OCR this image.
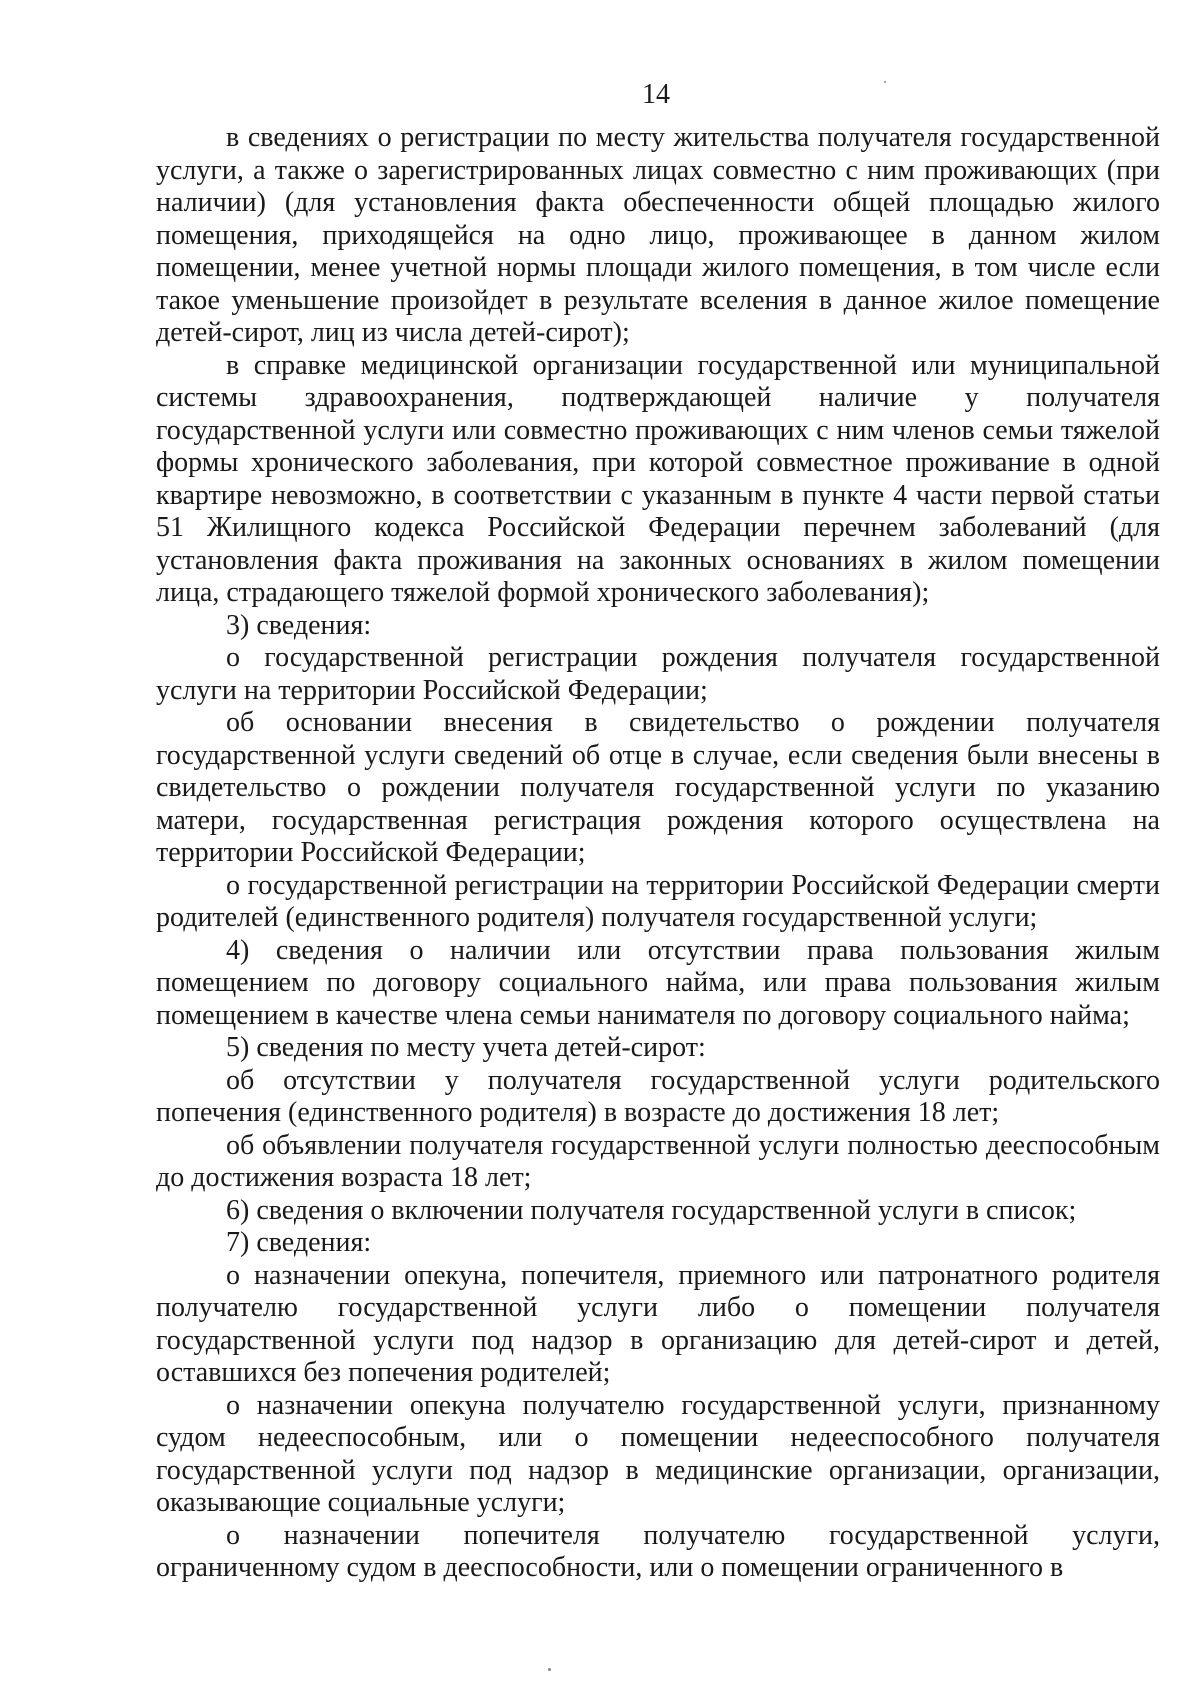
14

в сведениях о регистрации по месту жительства получателя государственной услуги, а также о зарегистрированных лицах совместно с ним проживающих (при наличии) (для установления факта обеспеченности общей площадью жилого помещения, приходящейся на одно лицо, проживающее в данном жилом помещении, менее учетной нормы площади жилого помещения, в том числе если такое уменьшение произойдет в результате вселения в данное жилое помещение детей-сирот, лиц из числа детей-сирот);

в справке медицинской организации государственной или муниципальной системы здравоохранения, подтверждающей наличие у получателя государственной услуги или совместно проживающих с ним членов семьи тяжелой формы хронического заболевания, при которой совместное проживание в одной квартире невозможно, в соответствии с указанным в пункте 4 части первой статьи 51 Жилищного кодекса Российской Федерации перечнем заболеваний (для установления факта проживания на законных основаниях в жилом помещении лица, страдающего тяжелой формой хронического заболевания);

3) сведения:

о государственной регистрации рождения получателя государственной услуги на территории Российской Федерации;

об основании внесения в свидетельство о рождении получателя государственной услуги сведений об отце в случае, если сведения были внесены в свидетельство о рождении получателя государственной услуги по указанию матери, государственная регистрация рождения которого осуществлена на территории Российской Федерации;

о государственной регистрации на территории Российской Федерации смерти родителей (единственного родителя) получателя государственной услуги;

4) сведения о наличии или отсутствии права пользования жилым помещением по договору социального найма, или права пользования жилым помещением в качестве члена семьи нанимателя по договору социального найма;

5) сведения по месту учета детей-сирот:

об отсутствии у получателя государственной услуги родительского попечения (единственного родителя) в возрасте до достижения 18 лет;

об объявлении получателя государственной услуги полностью дееспособным до достижения возраста 18 лет;

6) сведения о включении получателя государственной услуги в список;

7) сведения:

о назначении опекуна, попечителя, приемного или патронатного родителя получателю государственной услуги либо о помещении получателя государственной услуги под надзор в организацию для детей-сирот и детей, оставшихся без попечения родителей;

о назначении опекуна получателю государственной услуги, признанному судом недееспособным, или о помещении недееспособного получателя государственной услуги под надзор в медицинские организации, организации, оказывающие социальные услуги;

о назначении попечителя получателю государственной услуги, ограниченному судом в дееспособности, или о помещении ограниченного в
